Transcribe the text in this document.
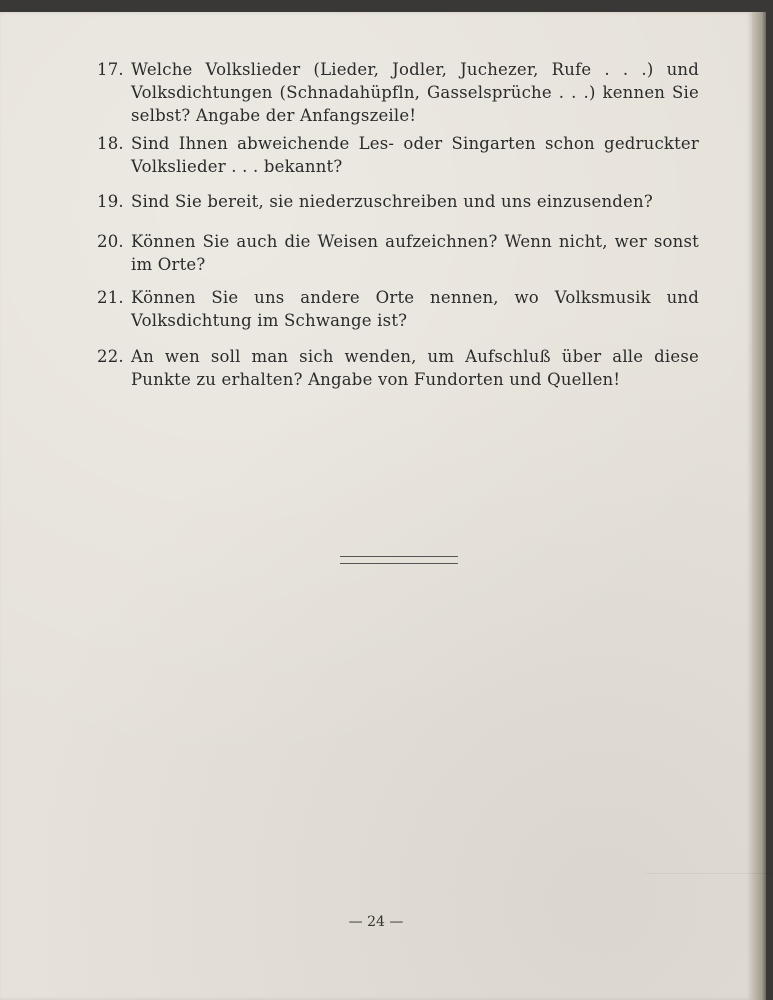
17. Welche Volkslieder (Lieder, Jodler, Juchezer, Rufe . . .) und Volksdichtungen (Schnadahüpfln, Gasselsprüche . . .) kennen Sie selbst? Angabe der Anfangszeile!
18. Sind Ihnen abweichende Les- oder Singarten schon gedruckter Volkslieder . . . bekannt?
19. Sind Sie bereit, sie niederzuschreiben und uns einzusenden?
20. Können Sie auch die Weisen aufzeichnen? Wenn nicht, wer sonst im Orte?
21. Können Sie uns andere Orte nennen, wo Volksmusik und Volksdichtung im Schwange ist?
22. An wen soll man sich wenden, um Aufschluß über alle diese Punkte zu erhalten? Angabe von Fundorten und Quellen!
— 24 —
